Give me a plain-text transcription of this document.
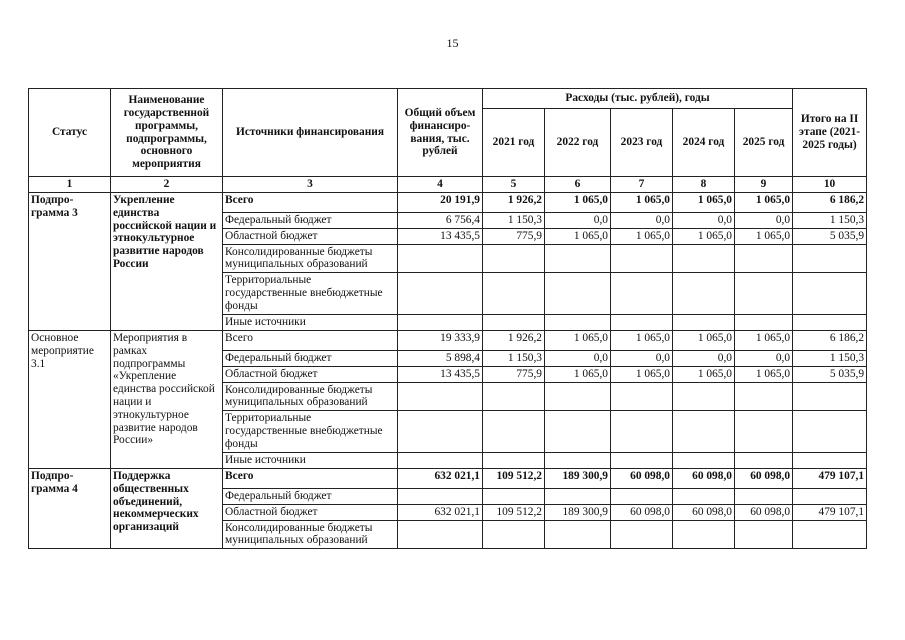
15
Статус	Наименование государственной программы, подпрограммы, основного мероприятия	Источники финансирования	Общий объем финансиро-вания, тыс. рублей	Расходы (тыс. рублей), годы					Итого на II этапе (2021-2025 годы)
				2021 год	2022 год	2023 год	2024 год	2025 год	
1	2	3	4	5	6	7	8	9	10
Подпро-грамма 3	Укрепление единства российской нации и этнокультурное развитие народов России	Всего	20 191,9	1 926,2	1 065,0	1 065,0	1 065,0	1 065,0	6 186,2
		Федеральный бюджет	6 756,4	1 150,3	0,0	0,0	0,0	0,0	1 150,3
		Областной бюджет	13 435,5	775,9	1 065,0	1 065,0	1 065,0	1 065,0	5 035,9
		Консолидированные бюджеты муниципальных образований							
		Территориальные государственные внебюджетные фонды							
		Иные источники							
Основное мероприятие 3.1	Мероприятия в рамках подпрограммы «Укрепление единства российской нации и этнокультурное развитие народов России»	Всего	19 333,9	1 926,2	1 065,0	1 065,0	1 065,0	1 065,0	6 186,2
		Федеральный бюджет	5 898,4	1 150,3	0,0	0,0	0,0	0,0	1 150,3
		Областной бюджет	13 435,5	775,9	1 065,0	1 065,0	1 065,0	1 065,0	5 035,9
		Консолидированные бюджеты муниципальных образований							
		Территориальные государственные внебюджетные фонды							
		Иные источники							
Подпро-грамма 4	Поддержка общественных объединений, некоммерческих организаций	Всего	632 021,1	109 512,2	189 300,9	60 098,0	60 098,0	60 098,0	479 107,1
		Федеральный бюджет							
		Областной бюджет	632 021,1	109 512,2	189 300,9	60 098,0	60 098,0	60 098,0	479 107,1
		Консолидированные бюджеты муниципальных образований							
